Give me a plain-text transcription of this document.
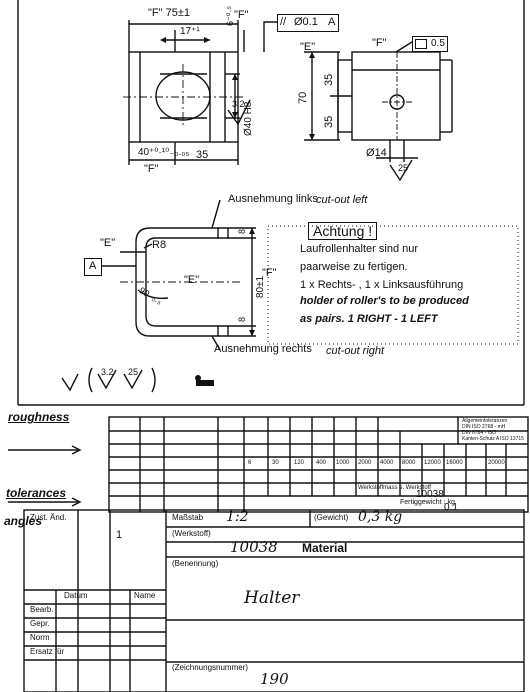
"F" 75±1
17⁺¹
6⁻⁰·⁵ "F"
// Ø0.1 A
Ø40 H8
3.2
40⁺⁰·¹⁰₋₀.₀₅ 35
"F"
"E"	"F"	0.5
70
35
35
Ø14
25
Ausnehmung links
cut-out left
"E"	R8
A
"E"
90₋₀.₃
"F"
8
8
80±1
Ausnehmung rechts cut-out right
Achtung !
Laufrollenhalter sind nur
paarweise zu fertigen.
1 x Rechts- , 1 x Linksausführung
holder of roller's to be produced
as pairs. 1 RIGHT - 1 LEFT
3.2 25
roughness
tolerances
angles
Allgemeintoleranzen
DIN ISO 2768 - mH
DIN 6784 - ISO
Kanten-Schutz A ISO 13715
6	30	120 400 1000 2000 4000 8000 12000 16000	20000
Werkstoffmass u. Werkstoff
10038
Fertiggewicht : kg
0.1
Zust. Änd.
1
Maßstab 1:2	(Gewicht) 0,3 kg
(Werkstoff)
10038 Material
(Benennung)
Halter
(Zeichnungsnummer)
190
Datum	Name
Bearb.
Gepr.
Norm
Ersatz für
